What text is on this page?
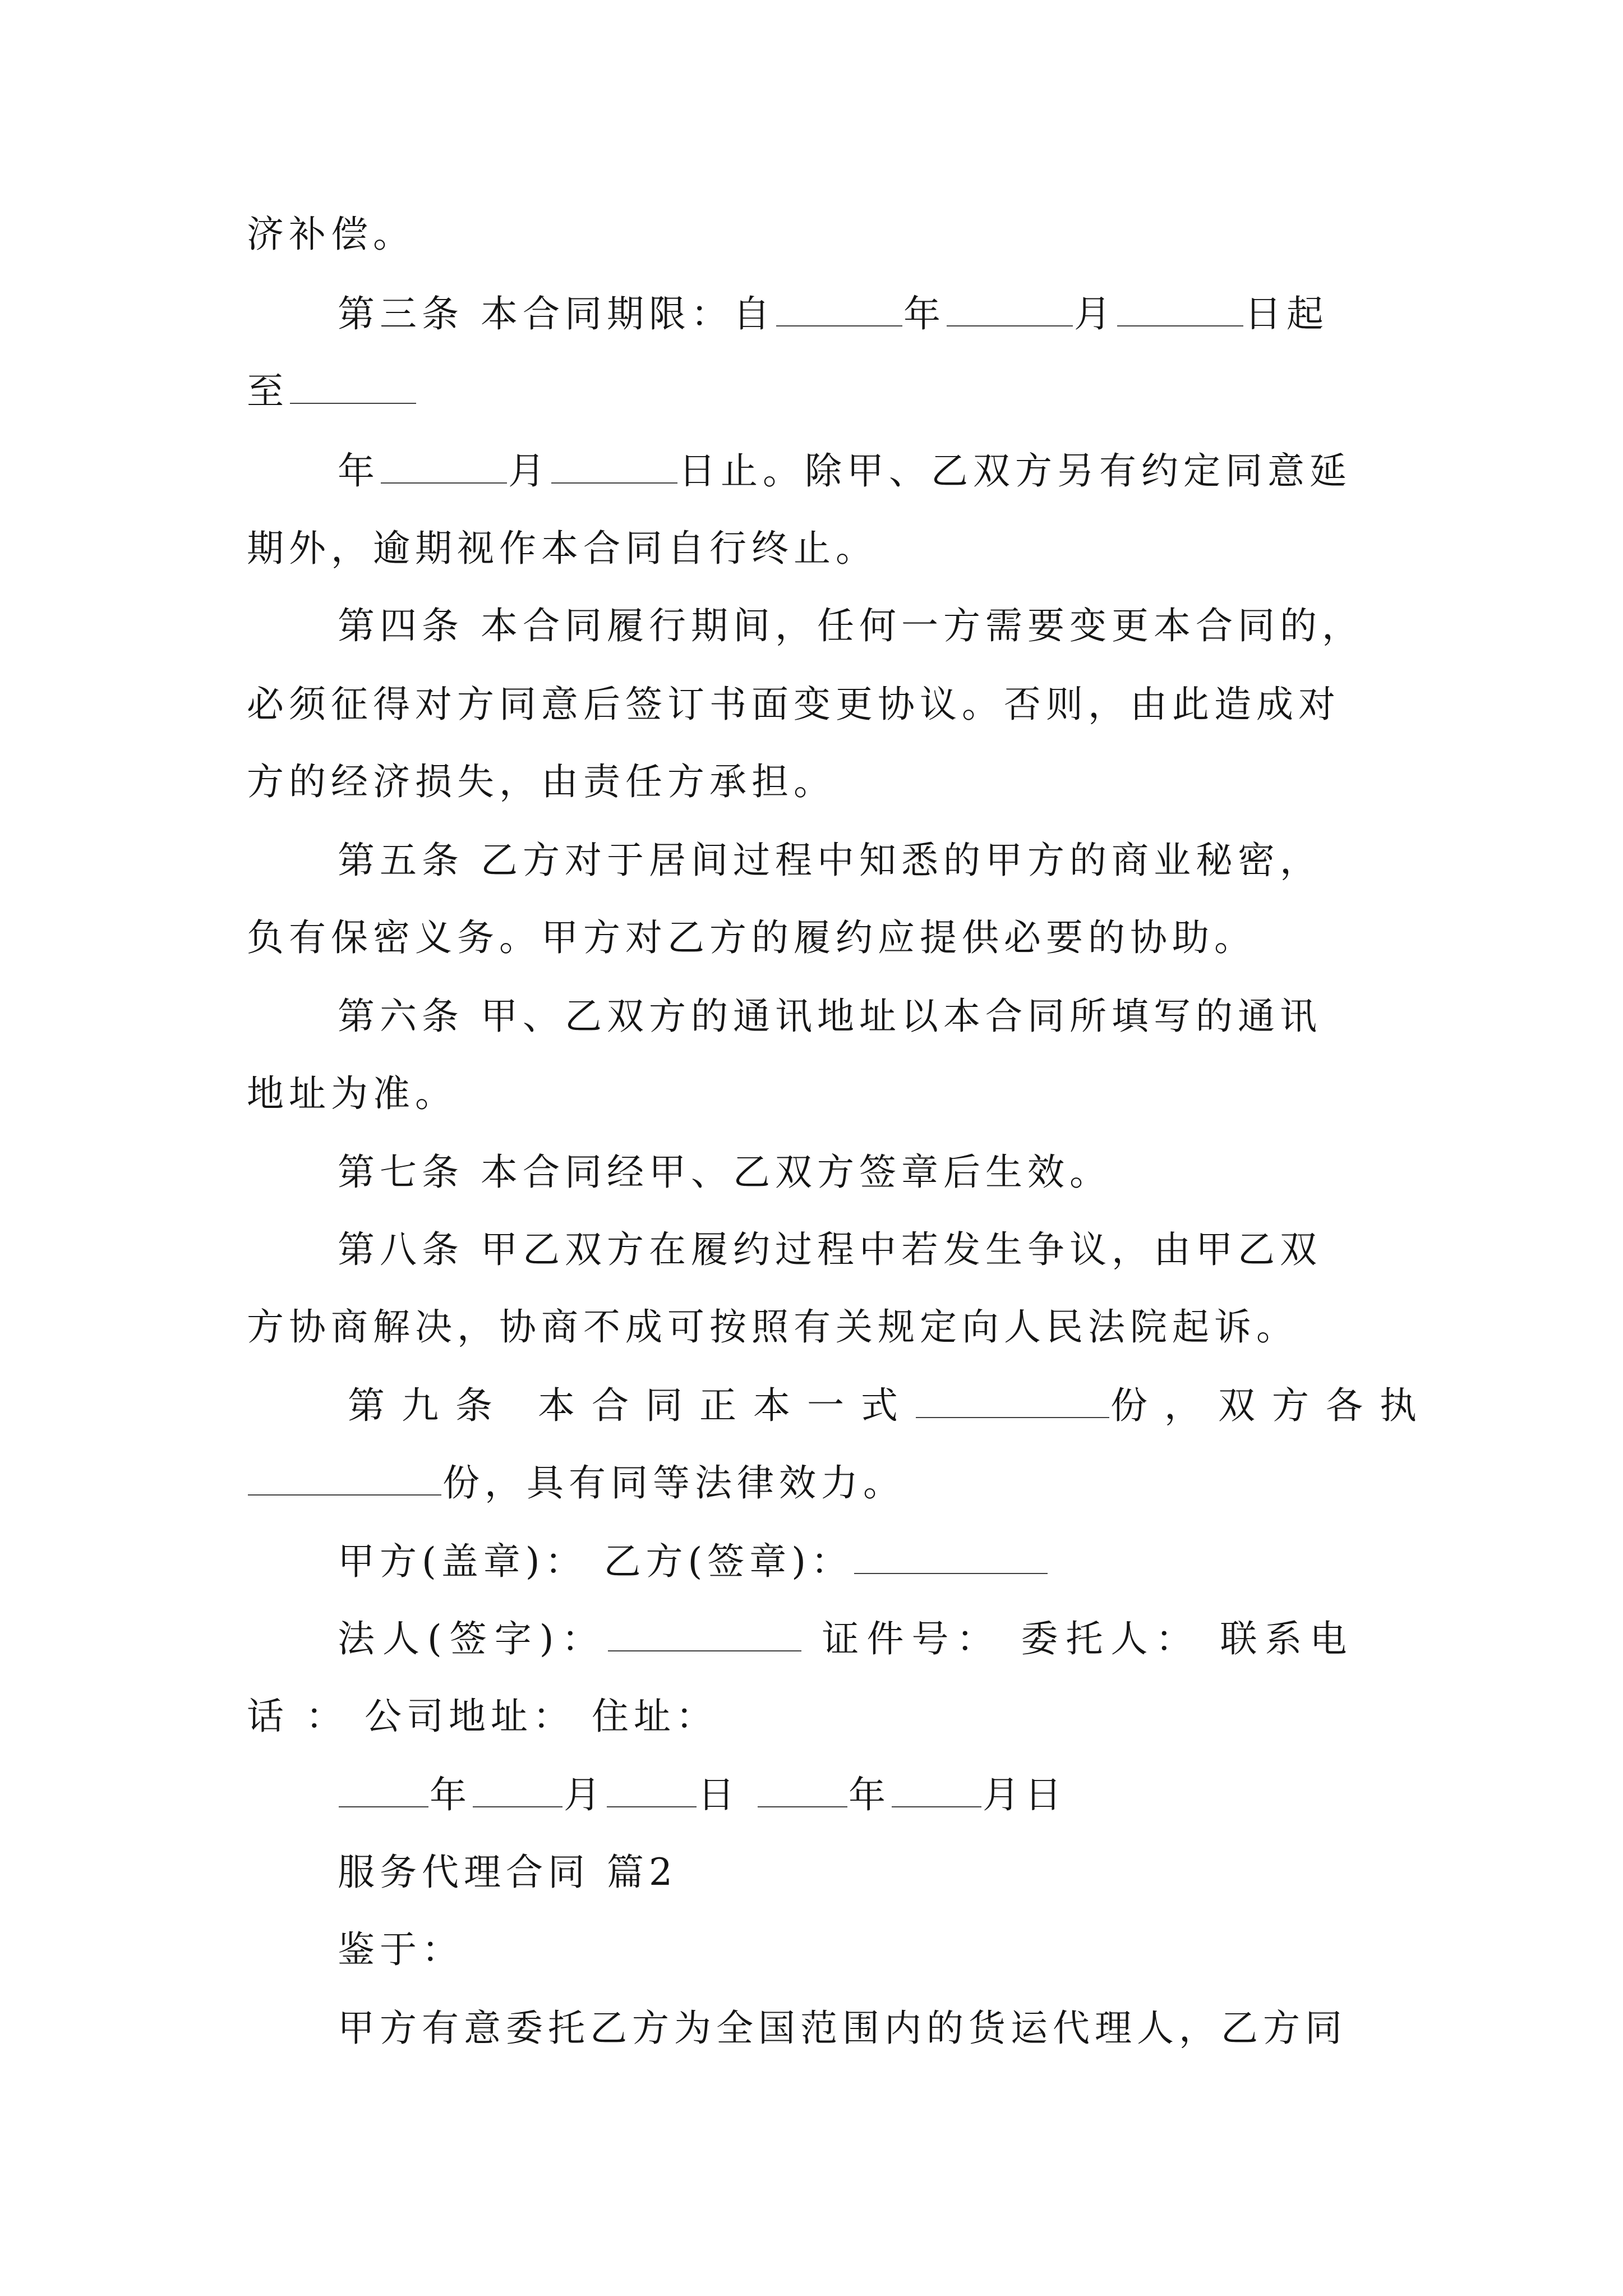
济补偿。
第三条 本合同期限：自	年	月	日起
至
年	月	日止。除甲、乙双方另有约定同意延
期外，逾期视作本合同自行终止。
第四条 本合同履行期间，任何一方需要变更本合同的，
必须征得对方同意后签订书面变更协议。否则，由此造成对
方的经济损失，由责任方承担。
第五条 乙方对于居间过程中知悉的甲方的商业秘密，
负有保密义务。甲方对乙方的履约应提供必要的协助。
第六条 甲、乙双方的通讯地址以本合同所填写的通讯
地址为准。
第七条 本合同经甲、乙双方签章后生效。
第八条 甲乙双方在履约过程中若发生争议，由甲乙双
方协商解决，协商不成可按照有关规定向人民法院起诉。
第九条 本合同正本一式	份，双方各执
份，具有同等法律效力。
甲方(盖章)： 乙方(签章)：
法人(签字)：	证件号： 委托人： 联系电
话 ： 公司地址： 住址：
年 月 日	年 月日
服务代理合同 篇2
鉴于：
甲方有意委托乙方为全国范围内的货运代理人，乙方同
